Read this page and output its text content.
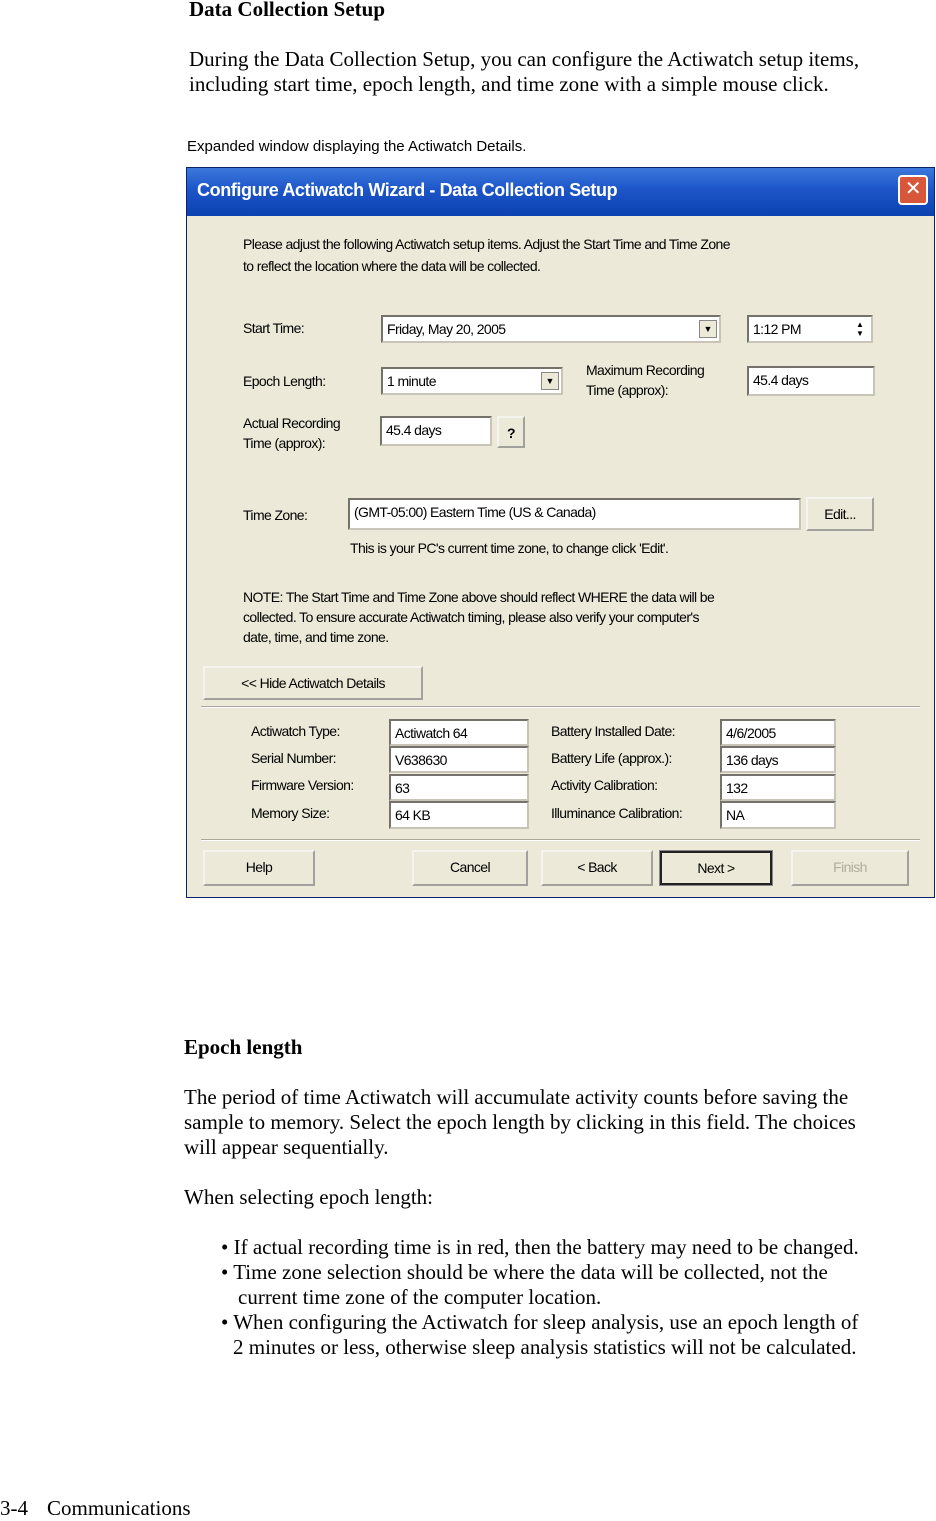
Data Collection Setup
During the Data Collection Setup, you can configure the Actiwatch setup items,
including start time, epoch length, and time zone with a simple mouse click.
Expanded window displaying the Actiwatch Details.
Configure Actiwatch Wizard - Data Collection Setup	✕
Please adjust the following Actiwatch setup items. Adjust the Start Time and Time Zone
to reflect the location where the data will be collected.
Start Time:	Friday, May 20, 2005	▼	1:12 PM	▲
▼
Epoch Length:	1 minute	▼
Maximum Recording
Time (approx):
45.4 days
Actual Recording
Time (approx):
45.4 days	?
Time Zone:	(GMT-05:00) Eastern Time (US & Canada)	Edit...
This is your PC's current time zone, to change click 'Edit'.
NOTE: The Start Time and Time Zone above should reflect WHERE the data will be
collected. To ensure accurate Actiwatch timing, please also verify your computer's
date, time, and time zone.
<< Hide Actiwatch Details
Actiwatch Type:	Actiwatch 64
Serial Number:	V638630
Firmware Version:	63
Memory Size:	64 KB
Battery Installed Date:	4/6/2005
Battery Life (approx.):	136 days
Activity Calibration:	132
Illuminance Calibration:	NA
Help	Cancel	< Back	Next >	Finish
Epoch length
The period of time Actiwatch will accumulate activity counts before saving the
sample to memory. Select the epoch length by clicking in this field. The choices
will appear sequentially.
When selecting epoch length:
• If actual recording time is in red, then the battery may need to be changed.
• Time zone selection should be where the data will be collected, not the
current time zone of the computer location.
• When configuring the Actiwatch for sleep analysis, use an epoch length of
2 minutes or less, otherwise sleep analysis statistics will not be calculated.
3-4 Communications
